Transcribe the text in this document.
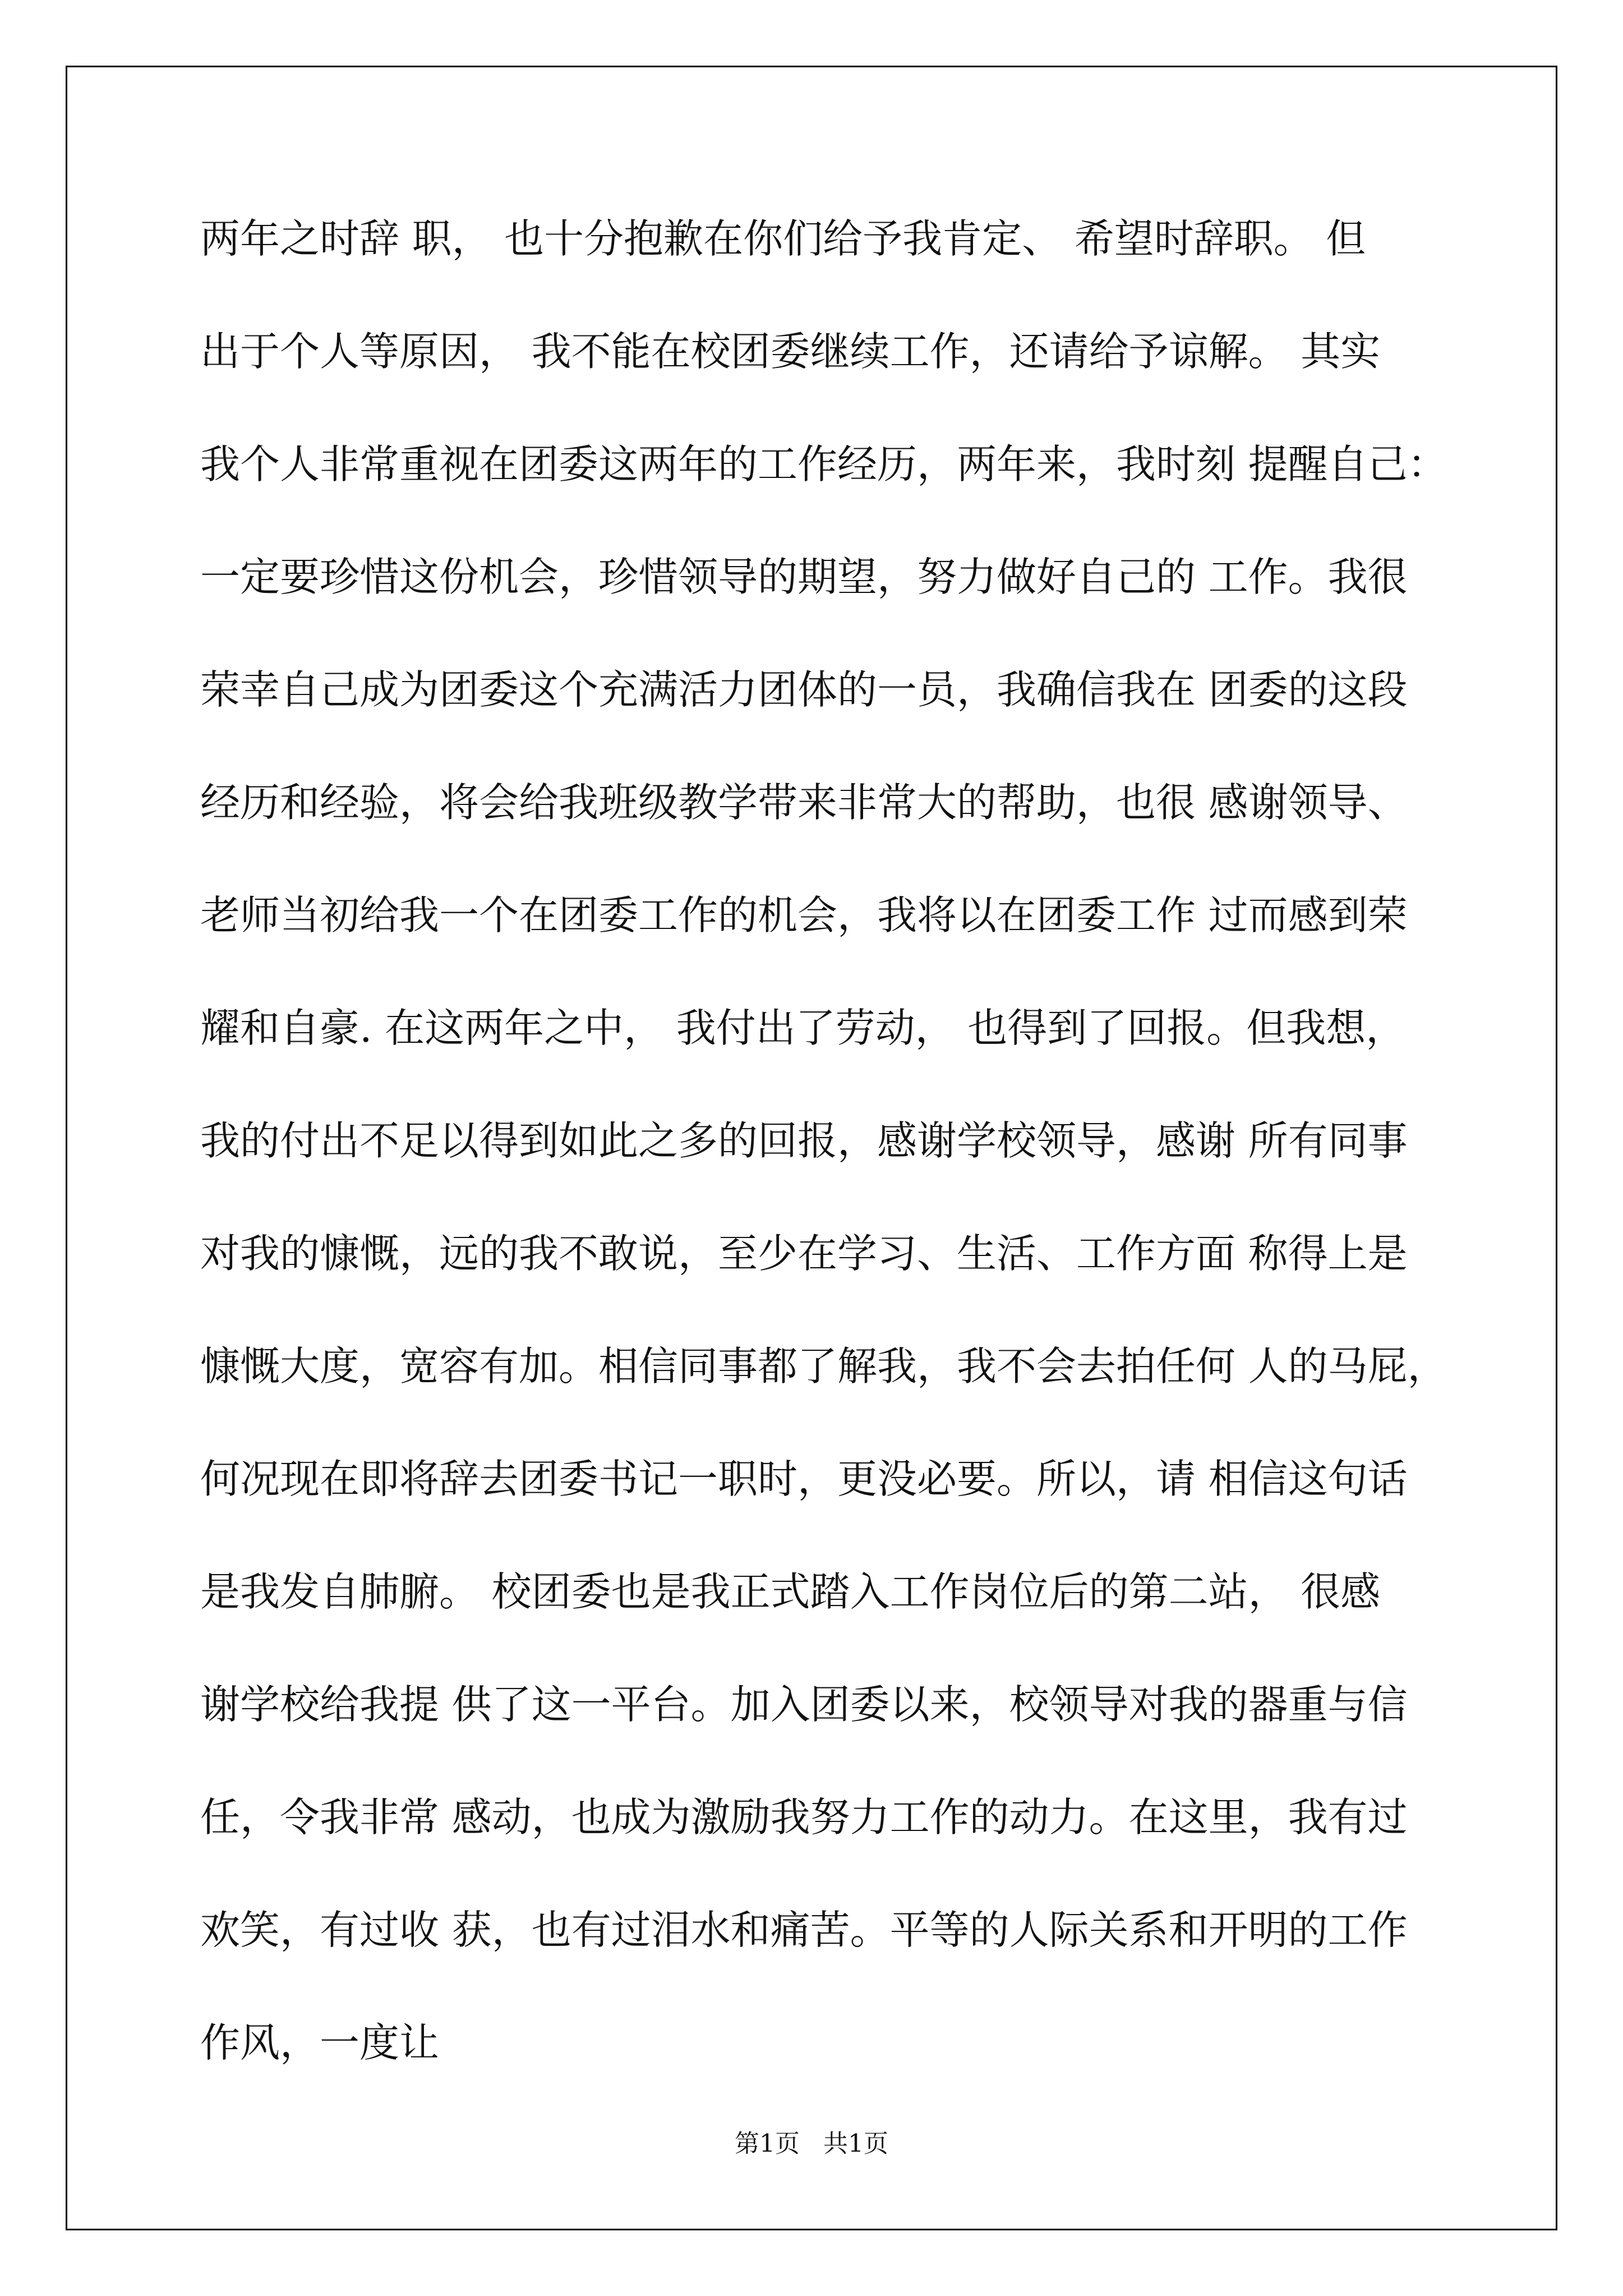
两年之时辞 职， 也十分抱歉在你们给予我肯定、 希望时辞职。 但
出于个人等原因， 我不能在校团委继续工作，还请给予谅解。 其实
我个人非常重视在团委这两年的工作经历，两年来，我时刻 提醒自己：
一定要珍惜这份机会，珍惜领导的期望，努力做好自己的 工作。我很
荣幸自己成为团委这个充满活力团体的一员，我确信我在 团委的这段
经历和经验，将会给我班级教学带来非常大的帮助，也很 感谢领导、
老师当初给我一个在团委工作的机会，我将以在团委工作 过而感到荣
耀和自豪. 在这两年之中， 我付出了劳动， 也得到了回报。但我想，
我的付出不足以得到如此之多的回报，感谢学校领导，感谢 所有同事
对我的慷慨，远的我不敢说，至少在学习、生活、工作方面 称得上是
慷慨大度，宽容有加。相信同事都了解我，我不会去拍任何 人的马屁，
何况现在即将辞去团委书记一职时，更没必要。所以，请 相信这句话
是我发自肺腑。 校团委也是我正式踏入工作岗位后的第二站， 很感
谢学校给我提 供了这一平台。加入团委以来，校领导对我的器重与信
任，令我非常 感动，也成为激励我努力工作的动力。在这里，我有过
欢笑，有过收 获，也有过泪水和痛苦。平等的人际关系和开明的工作
作风，一度让
第1页   共1页
